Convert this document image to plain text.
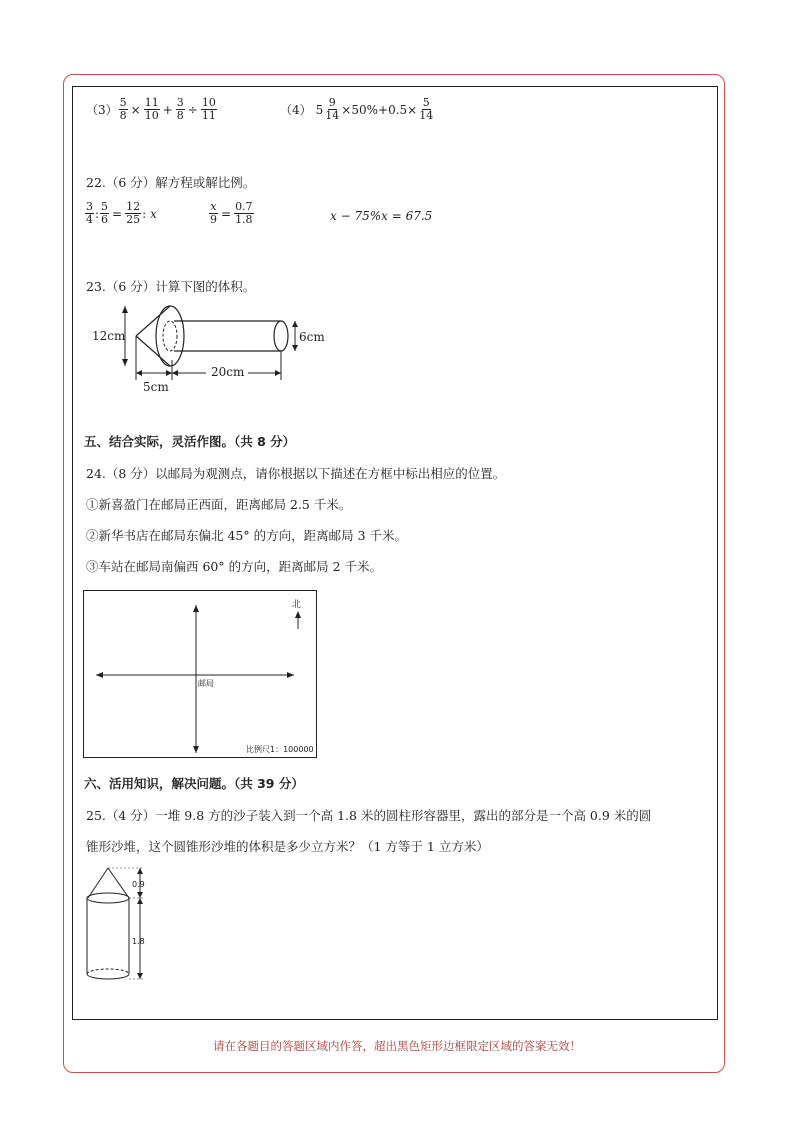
$(3) \frac{5}{8} \times \frac{11}{10} + \frac{3}{8} \div \frac{10}{11}$	（4） $5 \frac{9}{14} \times 50\%+0.5\times \frac{5}{14}$
22.（6 分）解方程或解比例。
$\frac{3}{4}$ : $\frac{5}{6} = \frac{12}{25}$ : x	$\frac{x}{9} = \frac{0.7}{1.8}$	x − 75%x = 67.5
23.（6 分）计算下图的体积。
12cm	6cm
20cm
5cm
五、结合实际，灵活作图。（共 8 分）
24.（8 分）以邮局为观测点，请你根据以下描述在方框中标出相应的位置。
①新喜盈门在邮局正西面，距离邮局 2.5 千米。
②新华书店在邮局东偏北 45° 的方向，距离邮局 3 千米。
③车站在邮局南偏西 60° 的方向，距离邮局 2 千米。
北
邮局
比例尺1：100000
六、活用知识，解决问题。（共 39 分）
25.（4 分）一堆 9.8 方的沙子装入到一个高 1.8 米的圆柱形容器里，露出的部分是一个高 0.9 米的圆
锥形沙堆，这个圆锥形沙堆的体积是多少立方米？（1 方等于 1 立方米）
0.9
1.8
请在各题目的答题区域内作答，超出黑色矩形边框限定区域的答案无效！
